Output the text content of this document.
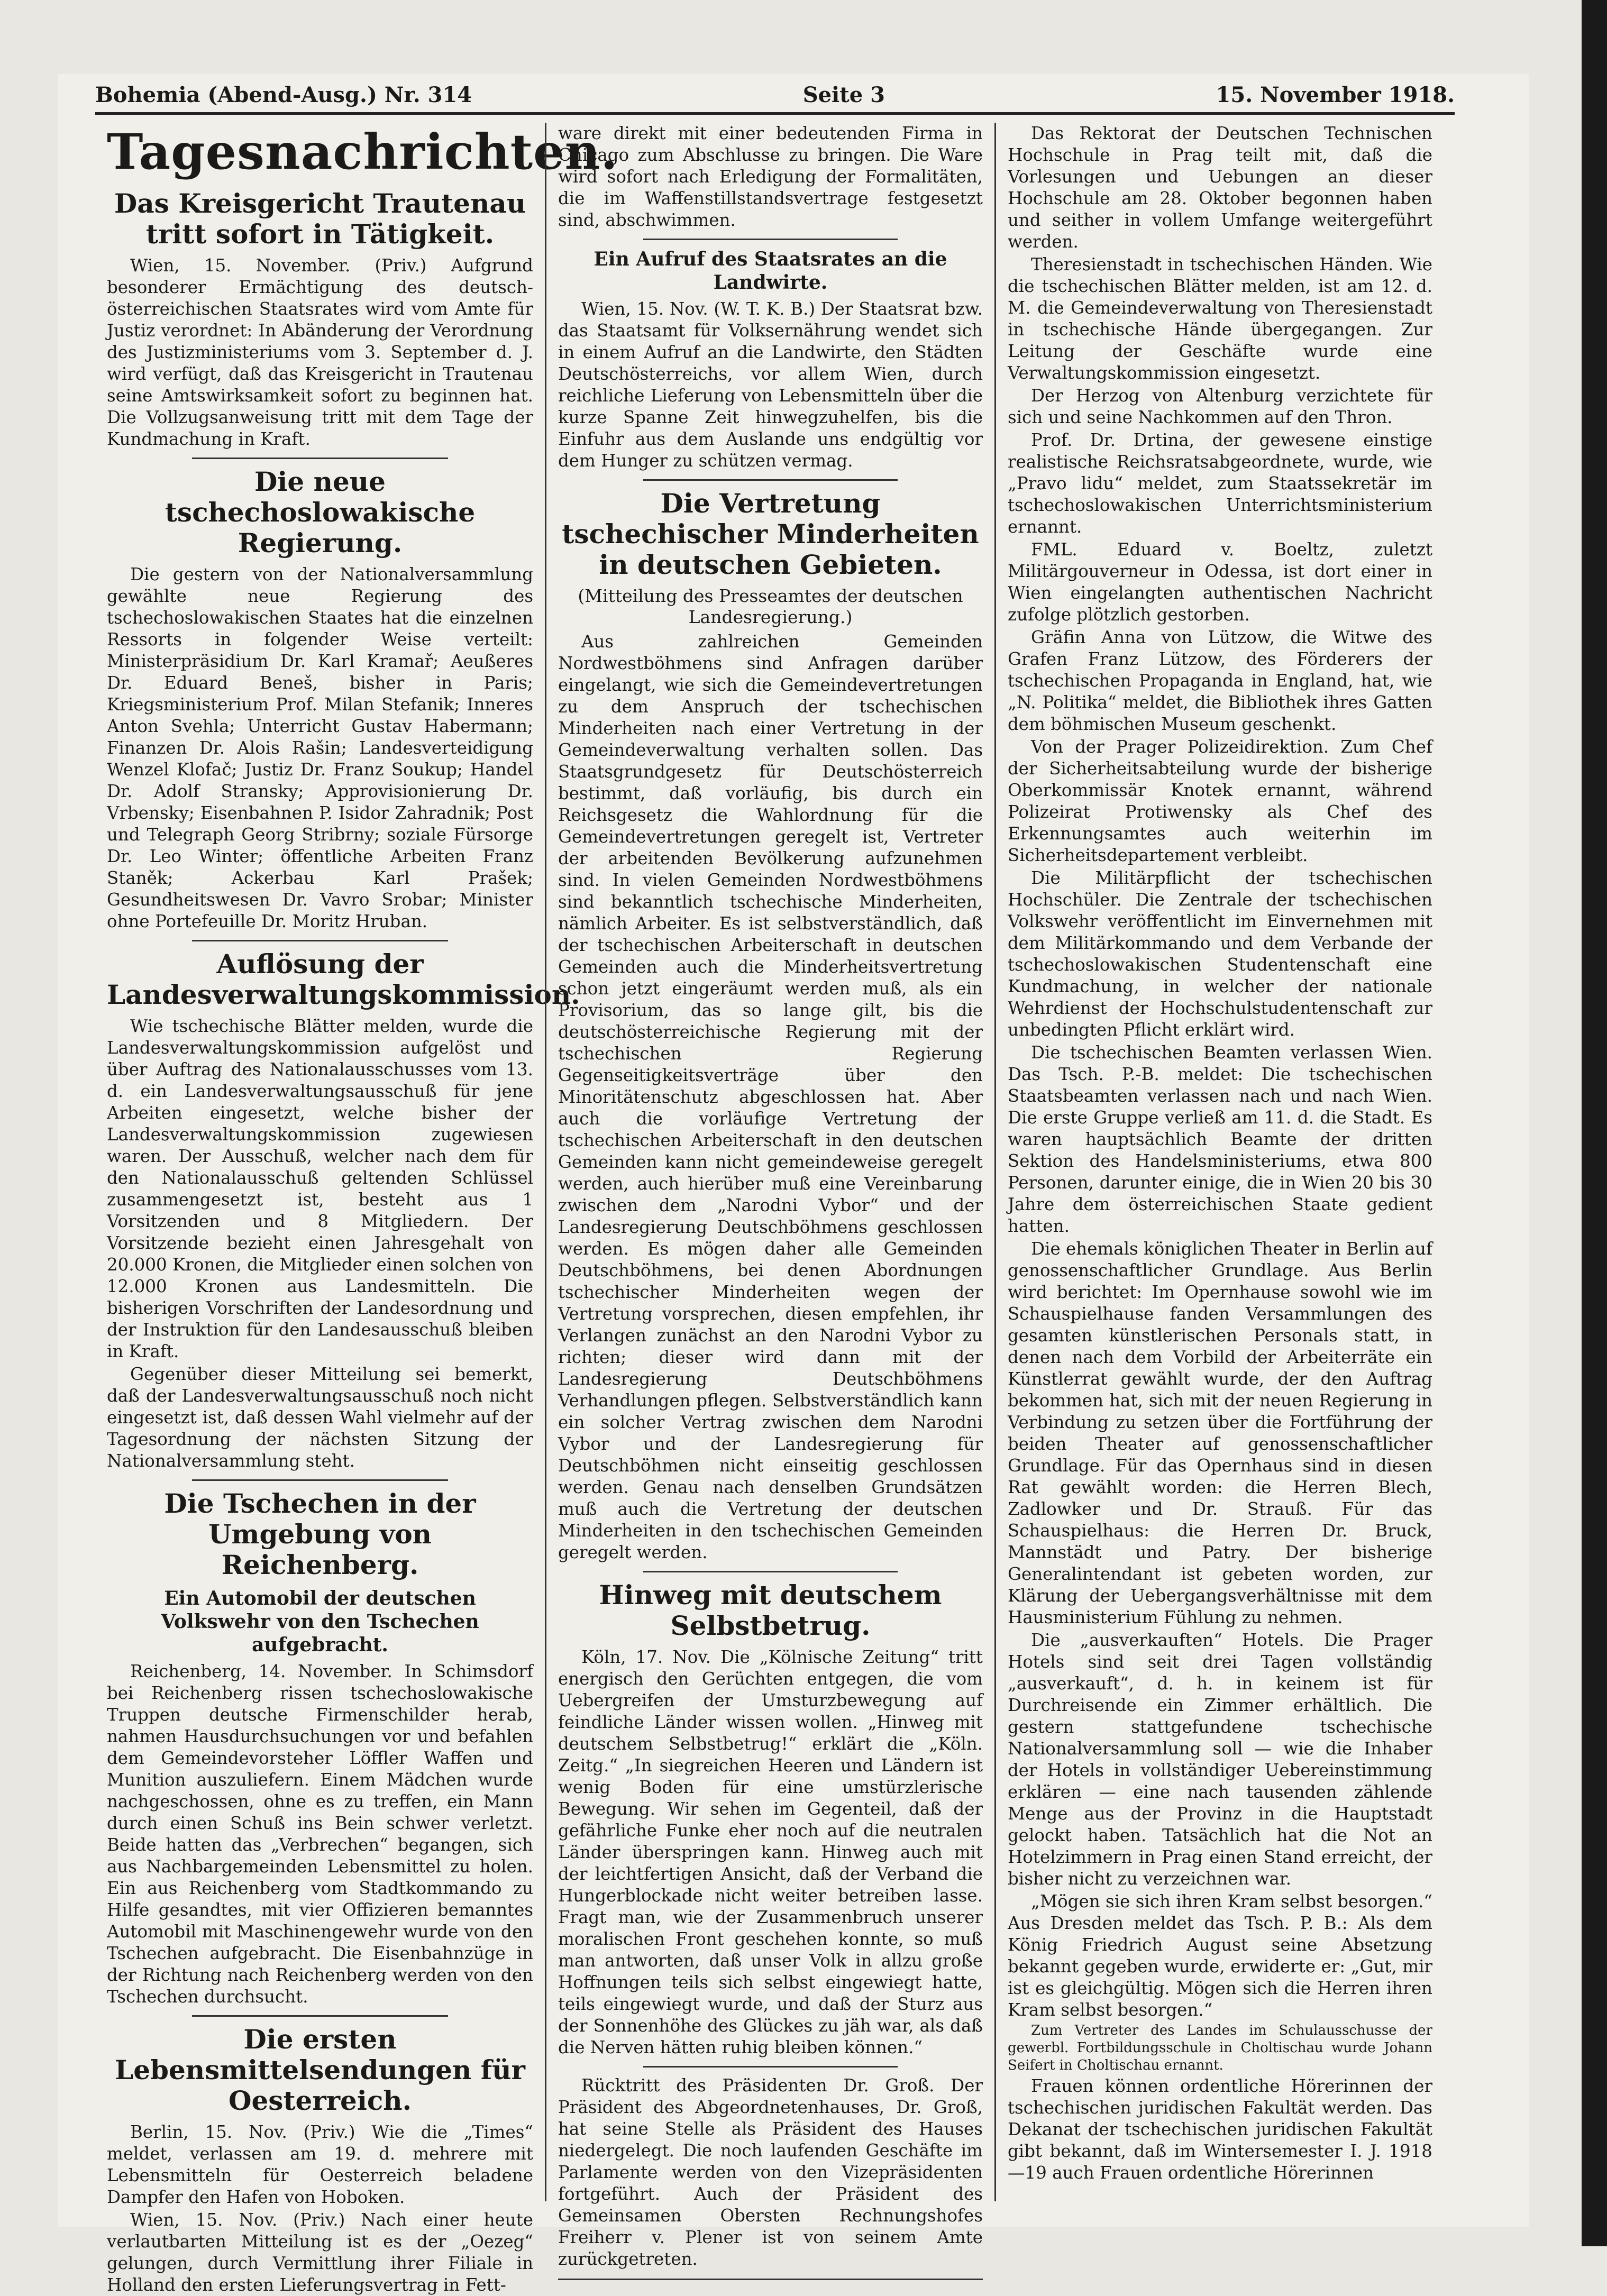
Bohemia (Abend-Ausg.) Nr. 314	Seite 3	15. November 1918.
Tagesnachrichten.
Das Kreisgericht Trautenau tritt sofort in Tätigkeit.

Wien, 15. November. (Priv.) Aufgrund besonderer Ermächtigung des deutsch-österreichischen Staatsrates wird vom Amte für Justiz verordnet: In Abänderung der Verordnung des Justizministeriums vom 3. September d. J. wird verfügt, daß das Kreisgericht in Trautenau seine Amtswirksamkeit sofort zu beginnen hat. Die Vollzugsanweisung tritt mit dem Tage der Kundmachung in Kraft.

Die neue tschechoslowakische Regierung.

Die gestern von der Nationalversammlung gewählte neue Regierung des tschechoslowakischen Staates hat die einzelnen Ressorts in folgender Weise verteilt: Ministerpräsidium Dr. Karl Kramař; Aeußeres Dr. Eduard Beneš, bisher in Paris; Kriegsministerium Prof. Milan Stefanik; Inneres Anton Svehla; Unterricht Gustav Habermann; Finanzen Dr. Alois Rašin; Landesverteidigung Wenzel Klofač; Justiz Dr. Franz Soukup; Handel Dr. Adolf Stransky; Approvisionierung Dr. Vrbensky; Eisenbahnen P. Isidor Zahradnik; Post und Telegraph Georg Stribrny; soziale Fürsorge Dr. Leo Winter; öffentliche Arbeiten Franz Staněk; Ackerbau Karl Prašek; Gesundheitswesen Dr. Vavro Srobar; Minister ohne Portefeuille Dr. Moritz Hruban.

Auflösung der Landesverwaltungskommission.

Wie tschechische Blätter melden, wurde die Landesverwaltungskommission aufgelöst und über Auftrag des Nationalausschusses vom 13. d. ein Landesverwaltungsausschuß für jene Arbeiten eingesetzt, welche bisher der Landesverwaltungskommission zugewiesen waren. Der Ausschuß, welcher nach dem für den Nationalausschuß geltenden Schlüssel zusammengesetzt ist, besteht aus 1 Vorsitzenden und 8 Mitgliedern. Der Vorsitzende bezieht einen Jahresgehalt von 20.000 Kronen, die Mitglieder einen solchen von 12.000 Kronen aus Landesmitteln. Die bisherigen Vorschriften der Landesordnung und der Instruktion für den Landesausschuß bleiben in Kraft.

Gegenüber dieser Mitteilung sei bemerkt, daß der Landesverwaltungsausschuß noch nicht eingesetzt ist, daß dessen Wahl vielmehr auf der Tagesordnung der nächsten Sitzung der Nationalversammlung steht.

Die Tschechen in der Umgebung von Reichenberg.
Ein Automobil der deutschen Volkswehr von den Tschechen aufgebracht.

Reichenberg, 14. November. In Schimsdorf bei Reichenberg rissen tschechoslowakische Truppen deutsche Firmenschilder herab, nahmen Hausdurchsuchungen vor und befahlen dem Gemeindevorsteher Löffler Waffen und Munition auszuliefern. Einem Mädchen wurde nachgeschossen, ohne es zu treffen, ein Mann durch einen Schuß ins Bein schwer verletzt. Beide hatten das „Verbrechen“ begangen, sich aus Nachbargemeinden Lebensmittel zu holen. Ein aus Reichenberg vom Stadtkommando zu Hilfe gesandtes, mit vier Offizieren bemanntes Automobil mit Maschinengewehr wurde von den Tschechen aufgebracht. Die Eisenbahnzüge in der Richtung nach Reichenberg werden von den Tschechen durchsucht.

Die ersten Lebensmittelsendungen für Oesterreich.

Berlin, 15. Nov. (Priv.) Wie die „Times“ meldet, verlassen am 19. d. mehrere mit Lebensmitteln für Oesterreich beladene Dampfer den Hafen von Hoboken.

Wien, 15. Nov. (Priv.) Nach einer heute verlautbarten Mitteilung ist es der „Oezeg“ gelungen, durch Vermittlung ihrer Filiale in Holland den ersten Lieferungsvertrag in Fett-

ware direkt mit einer bedeutenden Firma in Chicago zum Abschlusse zu bringen. Die Ware wird sofort nach Erledigung der Formalitäten, die im Waffenstillstandsvertrage festgesetzt sind, abschwimmen.

Ein Aufruf des Staatsrates an die Landwirte.

Wien, 15. Nov. (W. T. K. B.) Der Staatsrat bzw. das Staatsamt für Volksernährung wendet sich in einem Aufruf an die Landwirte, den Städten Deutschösterreichs, vor allem Wien, durch reichliche Lieferung von Lebensmitteln über die kurze Spanne Zeit hinwegzuhelfen, bis die Einfuhr aus dem Auslande uns endgültig vor dem Hunger zu schützen vermag.

Die Vertretung tschechischer Minderheiten in deutschen Gebieten.
(Mitteilung des Presseamtes der deutschen Landesregierung.)

Aus zahlreichen Gemeinden Nordwestböhmens sind Anfragen darüber eingelangt, wie sich die Gemeindevertretungen zu dem Anspruch der tschechischen Minderheiten nach einer Vertretung in der Gemeindeverwaltung verhalten sollen. Das Staatsgrundgesetz für Deutschösterreich bestimmt, daß vorläufig, bis durch ein Reichsgesetz die Wahlordnung für die Gemeindevertretungen geregelt ist, Vertreter der arbeitenden Bevölkerung aufzunehmen sind. In vielen Gemeinden Nordwestböhmens sind bekanntlich tschechische Minderheiten, nämlich Arbeiter. Es ist selbstverständlich, daß der tschechischen Arbeiterschaft in deutschen Gemeinden auch die Minderheitsvertretung schon jetzt eingeräumt werden muß, als ein Provisorium, das so lange gilt, bis die deutschösterreichische Regierung mit der tschechischen Regierung Gegenseitigkeitsverträge über den Minoritätenschutz abgeschlossen hat. Aber auch die vorläufige Vertretung der tschechischen Arbeiterschaft in den deutschen Gemeinden kann nicht gemeindeweise geregelt werden, auch hierüber muß eine Vereinbarung zwischen dem „Narodni Vybor“ und der Landesregierung Deutschböhmens geschlossen werden. Es mögen daher alle Gemeinden Deutschböhmens, bei denen Abordnungen tschechischer Minderheiten wegen der Vertretung vorsprechen, diesen empfehlen, ihr Verlangen zunächst an den Narodni Vybor zu richten; dieser wird dann mit der Landesregierung Deutschböhmens Verhandlungen pflegen. Selbstverständlich kann ein solcher Vertrag zwischen dem Narodni Vybor und der Landesregierung für Deutschböhmen nicht einseitig geschlossen werden. Genau nach denselben Grundsätzen muß auch die Vertretung der deutschen Minderheiten in den tschechischen Gemeinden geregelt werden.

Hinweg mit deutschem Selbstbetrug.

Köln, 17. Nov. Die „Kölnische Zeitung“ tritt energisch den Gerüchten entgegen, die vom Uebergreifen der Umsturzbewegung auf feindliche Länder wissen wollen. „Hinweg mit deutschem Selbstbetrug!“ erklärt die „Köln. Zeitg.“ „In siegreichen Heeren und Ländern ist wenig Boden für eine umstürzlerische Bewegung. Wir sehen im Gegenteil, daß der gefährliche Funke eher noch auf die neutralen Länder überspringen kann. Hinweg auch mit der leichtfertigen Ansicht, daß der Verband die Hungerblockade nicht weiter betreiben lasse. Fragt man, wie der Zusammenbruch unserer moralischen Front geschehen konnte, so muß man antworten, daß unser Volk in allzu große Hoffnungen teils sich selbst eingewiegt hatte, teils eingewiegt wurde, und daß der Sturz aus der Sonnenhöhe des Glückes zu jäh war, als daß die Nerven hätten ruhig bleiben können.“

Rücktritt des Präsidenten Dr. Groß. Der Präsident des Abgeordnetenhauses, Dr. Groß, hat seine Stelle als Präsident des Hauses niedergelegt. Die noch laufenden Geschäfte im Parlamente werden von den Vizepräsidenten fortgeführt. Auch der Präsident des Gemeinsamen Obersten Rechnungshofes Freiherr v. Plener ist von seinem Amte zurückgetreten.

Das Rektorat der Deutschen Technischen Hochschule in Prag teilt mit, daß die Vorlesungen und Uebungen an dieser Hochschule am 28. Oktober begonnen haben und seither in vollem Umfange weitergeführt werden.

Theresienstadt in tschechischen Händen. Wie die tschechischen Blätter melden, ist am 12. d. M. die Gemeindeverwaltung von Theresienstadt in tschechische Hände übergegangen. Zur Leitung der Geschäfte wurde eine Verwaltungskommission eingesetzt.

Der Herzog von Altenburg verzichtete für sich und seine Nachkommen auf den Thron.

Prof. Dr. Drtina, der gewesene einstige realistische Reichsratsabgeordnete, wurde, wie „Pravo lidu“ meldet, zum Staatssekretär im tschechoslowakischen Unterrichtsministerium ernannt.

FML. Eduard v. Boeltz, zuletzt Militärgouverneur in Odessa, ist dort einer in Wien eingelangten authentischen Nachricht zufolge plötzlich gestorben.

Gräfin Anna von Lützow, die Witwe des Grafen Franz Lützow, des Förderers der tschechischen Propaganda in England, hat, wie „N. Politika“ meldet, die Bibliothek ihres Gatten dem böhmischen Museum geschenkt.

Von der Prager Polizeidirektion. Zum Chef der Sicherheitsabteilung wurde der bisherige Oberkommissär Knotek ernannt, während Polizeirat Protiwensky als Chef des Erkennungsamtes auch weiterhin im Sicherheitsdepartement verbleibt.

Die Militärpflicht der tschechischen Hochschüler. Die Zentrale der tschechischen Volkswehr veröffentlicht im Einvernehmen mit dem Militärkommando und dem Verbande der tschechoslowakischen Studentenschaft eine Kundmachung, in welcher der nationale Wehrdienst der Hochschulstudentenschaft zur unbedingten Pflicht erklärt wird.

Die tschechischen Beamten verlassen Wien. Das Tsch. P.-B. meldet: Die tschechischen Staatsbeamten verlassen nach und nach Wien. Die erste Gruppe verließ am 11. d. die Stadt. Es waren hauptsächlich Beamte der dritten Sektion des Handelsministeriums, etwa 800 Personen, darunter einige, die in Wien 20 bis 30 Jahre dem österreichischen Staate gedient hatten.

Die ehemals königlichen Theater in Berlin auf genossenschaftlicher Grundlage. Aus Berlin wird berichtet: Im Opernhause sowohl wie im Schauspielhause fanden Versammlungen des gesamten künstlerischen Personals statt, in denen nach dem Vorbild der Arbeiterräte ein Künstlerrat gewählt wurde, der den Auftrag bekommen hat, sich mit der neuen Regierung in Verbindung zu setzen über die Fortführung der beiden Theater auf genossenschaftlicher Grundlage. Für das Opernhaus sind in diesen Rat gewählt worden: die Herren Blech, Zadlowker und Dr. Strauß. Für das Schauspielhaus: die Herren Dr. Bruck, Mannstädt und Patry. Der bisherige Generalintendant ist gebeten worden, zur Klärung der Uebergangsverhältnisse mit dem Hausministerium Fühlung zu nehmen.

Die „ausverkauften“ Hotels. Die Prager Hotels sind seit drei Tagen vollständig „ausverkauft“, d. h. in keinem ist für Durchreisende ein Zimmer erhältlich. Die gestern stattgefundene tschechische Nationalversammlung soll — wie die Inhaber der Hotels in vollständiger Uebereinstimmung erklären — eine nach tausenden zählende Menge aus der Provinz in die Hauptstadt gelockt haben. Tatsächlich hat die Not an Hotelzimmern in Prag einen Stand erreicht, der bisher nicht zu verzeichnen war.

„Mögen sie sich ihren Kram selbst besorgen.“ Aus Dresden meldet das Tsch. P. B.: Als dem König Friedrich August seine Absetzung bekannt gegeben wurde, erwiderte er: „Gut, mir ist es gleichgültig. Mögen sich die Herren ihren Kram selbst besorgen.“

Zum Vertreter des Landes im Schulausschusse der gewerbl. Fortbildungsschule in Choltischau wurde Johann Seifert in Choltischau ernannt.

Frauen können ordentliche Hörerinnen der tschechischen juridischen Fakultät werden. Das Dekanat der tschechischen juridischen Fakultät gibt bekannt, daß im Wintersemester I. J. 1918—19 auch Frauen ordentliche Hörerinnen
